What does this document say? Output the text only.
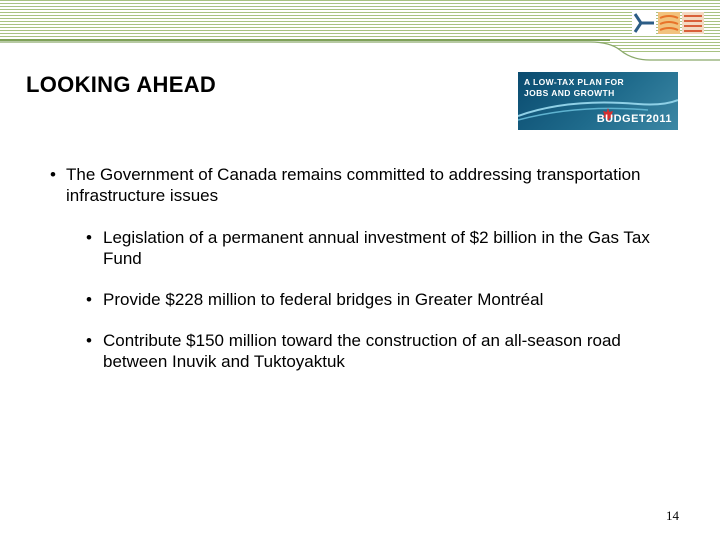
LOOKING AHEAD	A LOW-TAX PLAN FOR
JOBS AND GROWTH
BUDGET2011
• The Government of Canada remains committed to addressing transportation infrastructure issues
• Legislation of a permanent annual investment of $2 billion in the Gas Tax Fund
• Provide $228 million to federal bridges in Greater Montréal
• Contribute $150 million toward the construction of an all-season road between Inuvik and Tuktoyaktuk
14
